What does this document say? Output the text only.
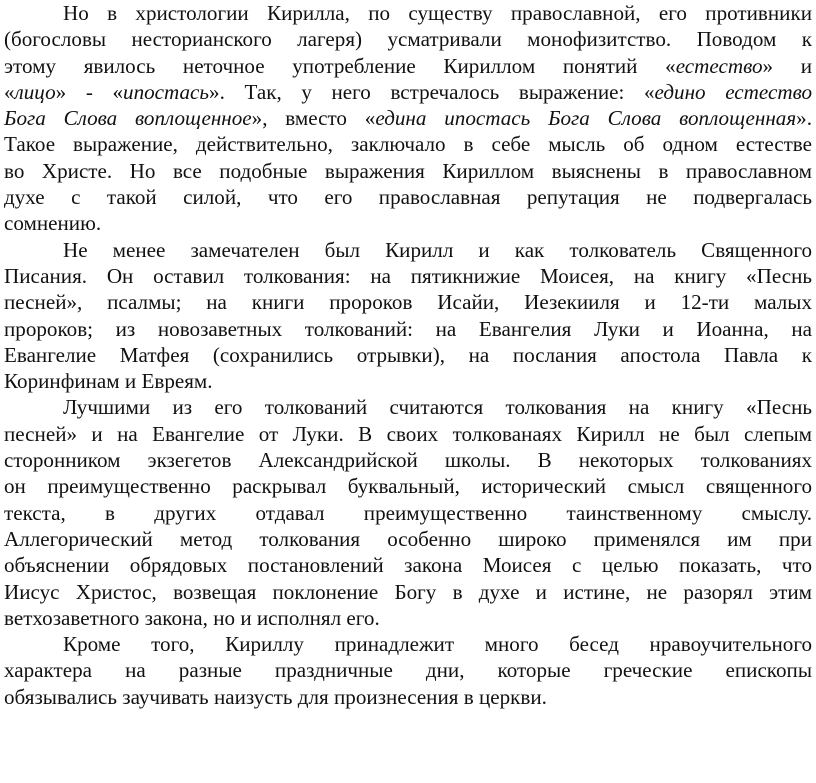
Но в христологии Кирилла, по существу православной, его противники
(богословы несторианского лагеря) усматривали монофизитство. Поводом к
этому явилось неточное употребление Кириллом понятий «естество» и
«лицо» - «ипостась». Так, у него встречалось выражение: «едино естество
Бога Слова воплощенное», вместо «едина ипостась Бога Слова воплощенная».
Такое выражение, действительно, заключало в себе мысль об одном естестве
во Христе. Но все подобные выражения Кириллом выяснены в православном
духе с такой силой, что его православная репутация не подвергалась
сомнению.
Не менее замечателен был Кирилл и как толкователь Священного
Писания. Он оставил толкования: на пятикнижие Моисея, на книгу «Песнь
песней», псалмы; на книги пророков Исайи, Иезекииля и 12-ти малых
пророков; из новозаветных толкований: на Евангелия Луки и Иоанна, на
Евангелие Матфея (сохранились отрывки), на послания апостола Павла к
Коринфинам и Евреям.
Лучшими из его толкований считаются толкования на книгу «Песнь
песней» и на Евангелие от Луки. В своих толкованаях Кирилл не был слепым
сторонником экзегетов Александрийской школы. В некоторых толкованиях
он преимущественно раскрывал буквальный, исторический смысл священного
текста, в других отдавал преимущественно таинственному смыслу.
Аллегорический метод толкования особенно широко применялся им при
объяснении обрядовых постановлений закона Моисея с целью показать, что
Иисус Христос, возвещая поклонение Богу в духе и истине, не разорял этим
ветхозаветного закона, но и исполнял его.
Кроме того, Кириллу принадлежит много бесед нравоучительного
характера на разные праздничные дни, которые греческие епископы
обязывались заучивать наизусть для произнесения в церкви.
